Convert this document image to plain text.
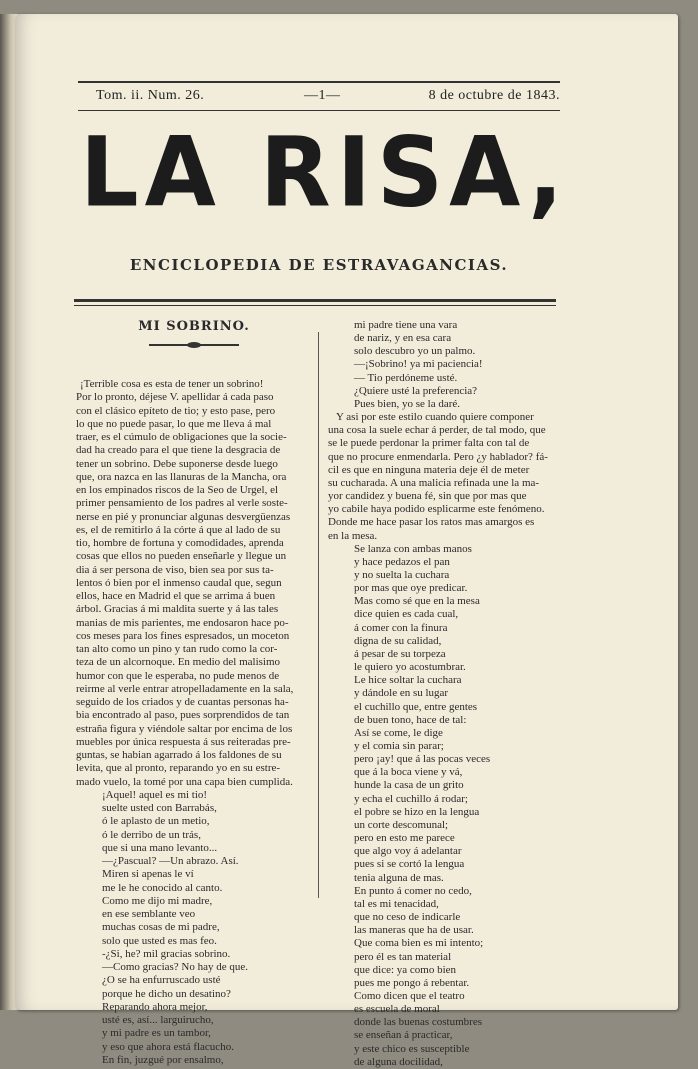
Tom. ii. Num. 26.	—1—	8 de octubre de 1843.
LA RISA,
ENCICLOPEDIA DE ESTRAVAGANCIAS.
MI SOBRINO.
¡Terrible cosa es esta de tener un sobrino!
Por lo pronto, déjese V. apellidar á cada paso
con el clásico epíteto de tio; y esto pase, pero
lo que no puede pasar, lo que me lleva á mal
traer, es el cúmulo de obligaciones que la socie-
dad ha creado para el que tiene la desgracia de
tener un sobrino. Debe suponerse desde luego
que, ora nazca en las llanuras de la Mancha, ora
en los empinados riscos de la Seo de Urgel, el
primer pensamiento de los padres al verle soste-
nerse en pié y pronunciar algunas desvergüenzas
es, el de remitirlo á la córte á que al lado de su
tio, hombre de fortuna y comodidades, aprenda
cosas que ellos no pueden enseñarle y llegue un
dia á ser persona de viso, bien sea por sus ta-
lentos ó bien por el inmenso caudal que, segun
ellos, hace en Madrid el que se arrima á buen
árbol. Gracias á mi maldita suerte y á las tales
manias de mis parientes, me endosaron hace po-
cos meses para los fines espresados, un moceton
tan alto como un pino y tan rudo como la cor-
teza de un alcornoque. En medio del malisimo
humor con que le esperaba, no pude menos de
reirme al verle entrar atropelladamente en la sala,
seguido de los criados y de cuantas personas ha-
bia encontrado al paso, pues sorprendidos de tan
estraña figura y viéndole saltar por encima de los
muebles por única respuesta á sus reiteradas pre-
guntas, se habian agarrado á los faldones de su
levita, que al pronto, reparando yo en su estre-
mado vuelo, la tomé por una capa bien cumplida.
¡Aquel! aquel es mi tio!
suelte usted con Barrabás,
ó le aplasto de un metio,
ó le derribo de un trás,
que si una mano levanto...
—¿Pascual? —Un abrazo. Así.
Miren si apenas le ví
me le he conocido al canto.
Como me dijo mi madre,
en ese semblante veo
muchas cosas de mi padre,
solo que usted es mas feo.
-¿Si, he? mil gracias sobrino.
—Como gracias? No hay de que.
¿O se ha enfurruscado usté
porque he dicho un desatino?
Reparando ahora mejor,
usté es, así... larguirucho,
y mi padre es un tambor,
y eso que ahora está flacucho.
En fin, juzgué por ensalmo,
mi padre tiene una vara
de nariz, y en esa cara
solo descubro yo un palmo.
—¡Sobrino! ya mi paciencia!
— Tio perdóneme usté.
¿Quiere usté la preferencia?
Pues bien, yo se la daré.
Y asi por este estilo cuando quiere componer
una cosa la suele echar á perder, de tal modo, que
se le puede perdonar la primer falta con tal de
que no procure enmendarla. Pero ¿y hablador? fá-
cil es que en ninguna materia deje él de meter
su cucharada. A una malicia refinada une la ma-
yor candidez y buena fé, sin que por mas que
yo cabile haya podido esplicarme este fenómeno.
Donde me hace pasar los ratos mas amargos es
en la mesa.
Se lanza con ambas manos
y hace pedazos el pan
y no suelta la cuchara
por mas que oye predicar.
Mas como sé que en la mesa
dice quien es cada cual,
á comer con la finura
digna de su calidad,
á pesar de su torpeza
le quiero yo acostumbrar.
Le hice soltar la cuchara
y dándole en su lugar
el cuchillo que, entre gentes
de buen tono, hace de tal:
Así se come, le dige
y el comia sin parar;
pero ¡ay! que á las pocas veces
que á la boca viene y vá,
hunde la casa de un grito
y echa el cuchillo á rodar;
el pobre se hizo en la lengua
un corte descomunal;
pero en esto me parece
que algo voy á adelantar
pues si se cortó la lengua
tenia alguna de mas.
En punto á comer no cedo,
tal es mi tenacidad,
que no ceso de indicarle
las maneras que ha de usar.
Que coma bien es mi intento;
pero él es tan material
que dice: ya como bien
pues me pongo á rebentar.
Como dicen que el teatro
es escuela de moral
donde las buenas costumbres
se enseñan á practicar,
y este chico es susceptible
de alguna docilidad,
